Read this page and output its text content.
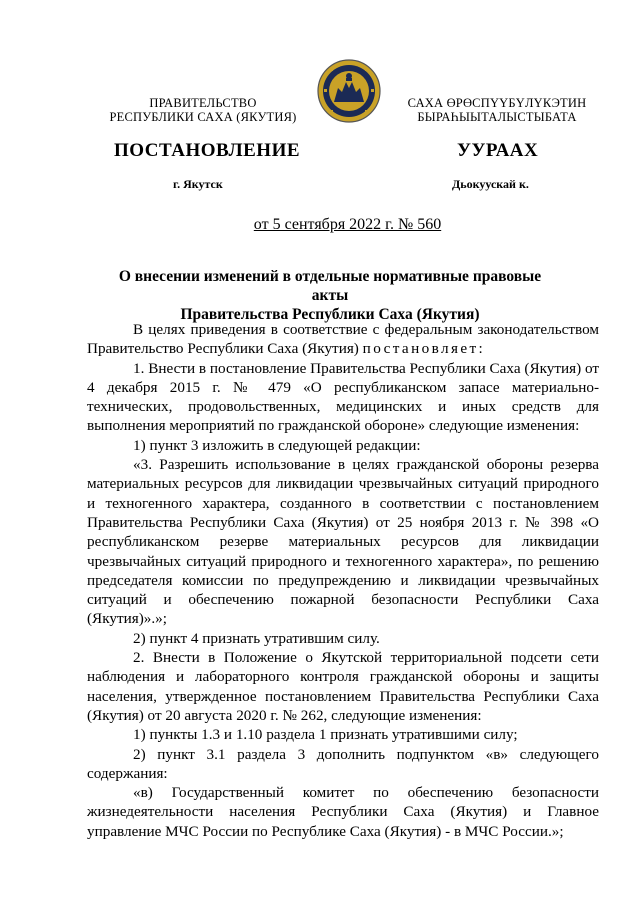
ПРАВИТЕЛЬСТВО
РЕСПУБЛИКИ САХА (ЯКУТИЯ)
САХА ӨРӨСПҮҮБҮЛҮКЭТИН
БЫРАҺЫЫТАЛЫСТЫБАТА
ПОСТАНОВЛЕНИЕ	УУРААХ
г. Якутск	Дьокуускай к.
от 5 сентября 2022 г. № 560
О внесении изменений в отдельные нормативные правовые акты
Правительства Республики Саха (Якутия)

В целях приведения в соответствие с федеральным законодательством Правительство Республики Саха (Якутия) постановляет:

1. Внести в постановление Правительства Республики Саха (Якутия) от 4 декабря 2015 г. № 479 «О республиканском запасе материально-технических, продовольственных, медицинских и иных средств для выполнения мероприятий по гражданской обороне» следующие изменения:

1) пункт 3 изложить в следующей редакции:

«3. Разрешить использование в целях гражданской обороны резерва материальных ресурсов для ликвидации чрезвычайных ситуаций природного и техногенного характера, созданного в соответствии с постановлением Правительства Республики Саха (Якутия) от 25 ноября 2013 г. № 398 «О республиканском резерве материальных ресурсов для ликвидации чрезвычайных ситуаций природного и техногенного характера», по решению председателя комиссии по предупреждению и ликвидации чрезвычайных ситуаций и обеспечению пожарной безопасности Республики Саха (Якутия)».»;

2) пункт 4 признать утратившим силу.

2. Внести в Положение о Якутской территориальной подсети сети наблюдения и лабораторного контроля гражданской обороны и защиты населения, утвержденное постановлением Правительства Республики Саха (Якутия) от 20 августа 2020 г. № 262, следующие изменения:

1) пункты 1.3 и 1.10 раздела 1 признать утратившими силу;

2) пункт 3.1 раздела 3 дополнить подпунктом «в» следующего содержания:

«в) Государственный комитет по обеспечению безопасности жизнедеятельности населения Республики Саха (Якутия) и Главное управление МЧС России по Республике Саха (Якутия) - в МЧС России.»;
